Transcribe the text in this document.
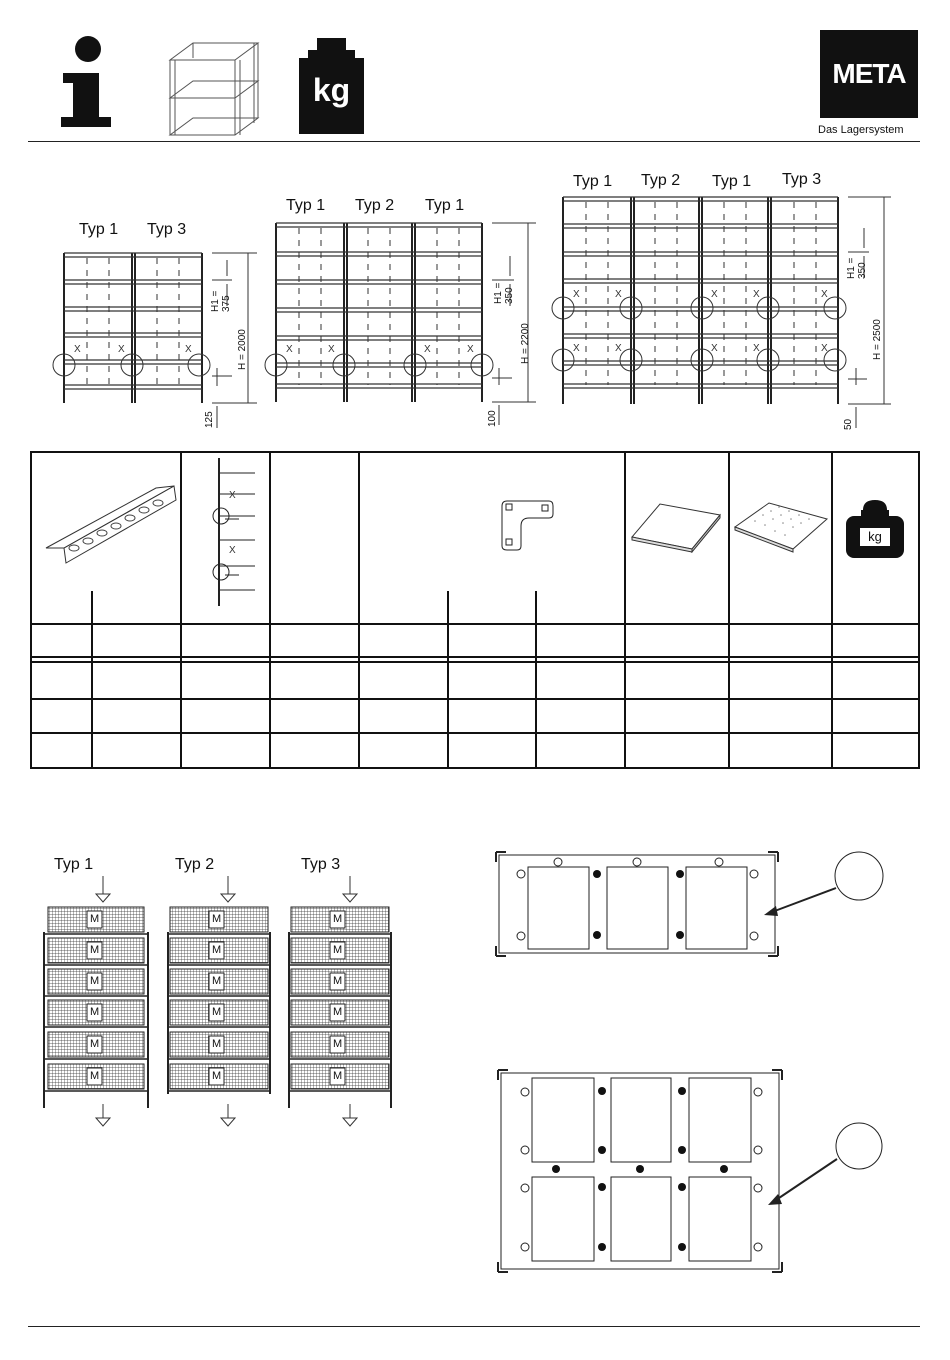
kg	META
Das Lagersystem
Typ 1 Typ 3
X	X	X
H1 =
375
H = 2000
125
Typ 1 Typ 2 Typ 1
X	X	X	X
H1 =
350
H = 2200
100
Typ 1 Typ 2 Typ 1 Typ 3
X	X	X	X	X
X	X	X	X	X
H1 =
350
H = 2500
50
X
X
kg
Typ 1	Typ 2	Typ 3
M
M
M
M
M
M
M
M
M
M
M
M
M
M
M
M
M
M
